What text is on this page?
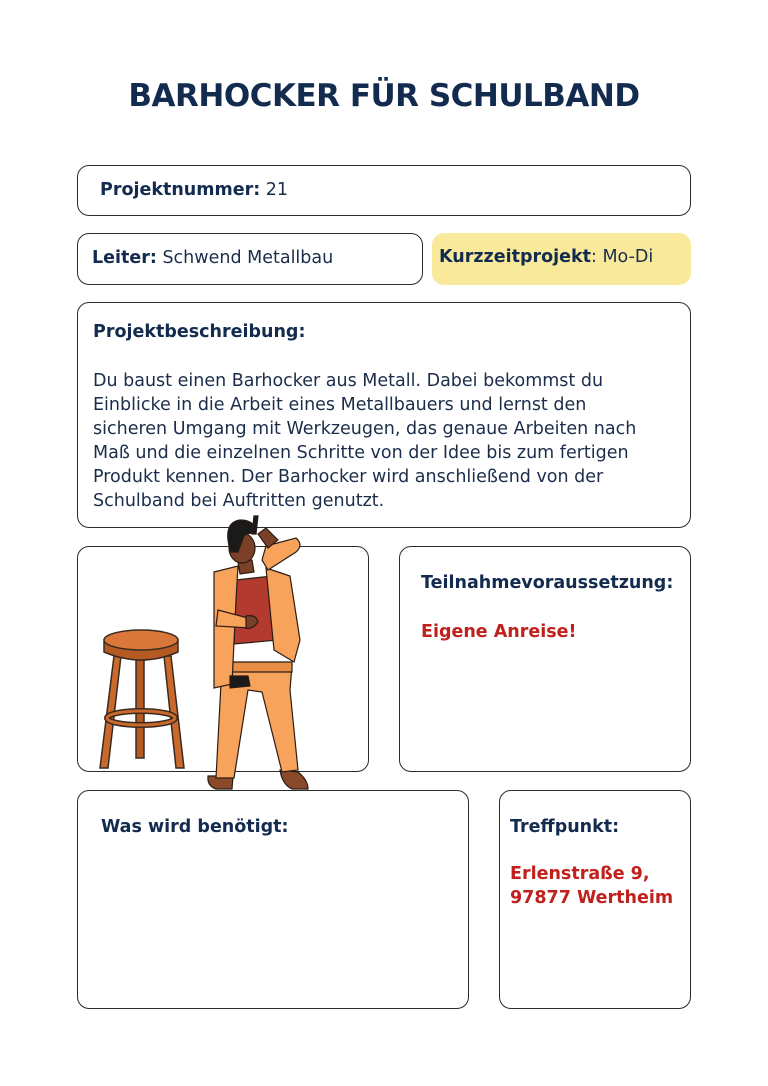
BARHOCKER FÜR SCHULBAND
Projektnummer: 21
Leiter: Schwend Metallbau	Kurzzeitprojekt: Mo-Di
Projektbeschreibung:
Du baust einen Barhocker aus Metall. Dabei bekommst du Einblicke in die Arbeit eines Metallbauers und lernst den sicheren Umgang mit Werkzeugen, das genaue Arbeiten nach Maß und die einzelnen Schritte von der Idee bis zum fertigen Produkt kennen. Der Barhocker wird anschließend von der Schulband bei Auftritten genutzt.
Teilnahmevoraussetzung:
Eigene Anreise!
Was wird benötigt:	Treffpunkt:
Erlenstraße 9,
97877 Wertheim
